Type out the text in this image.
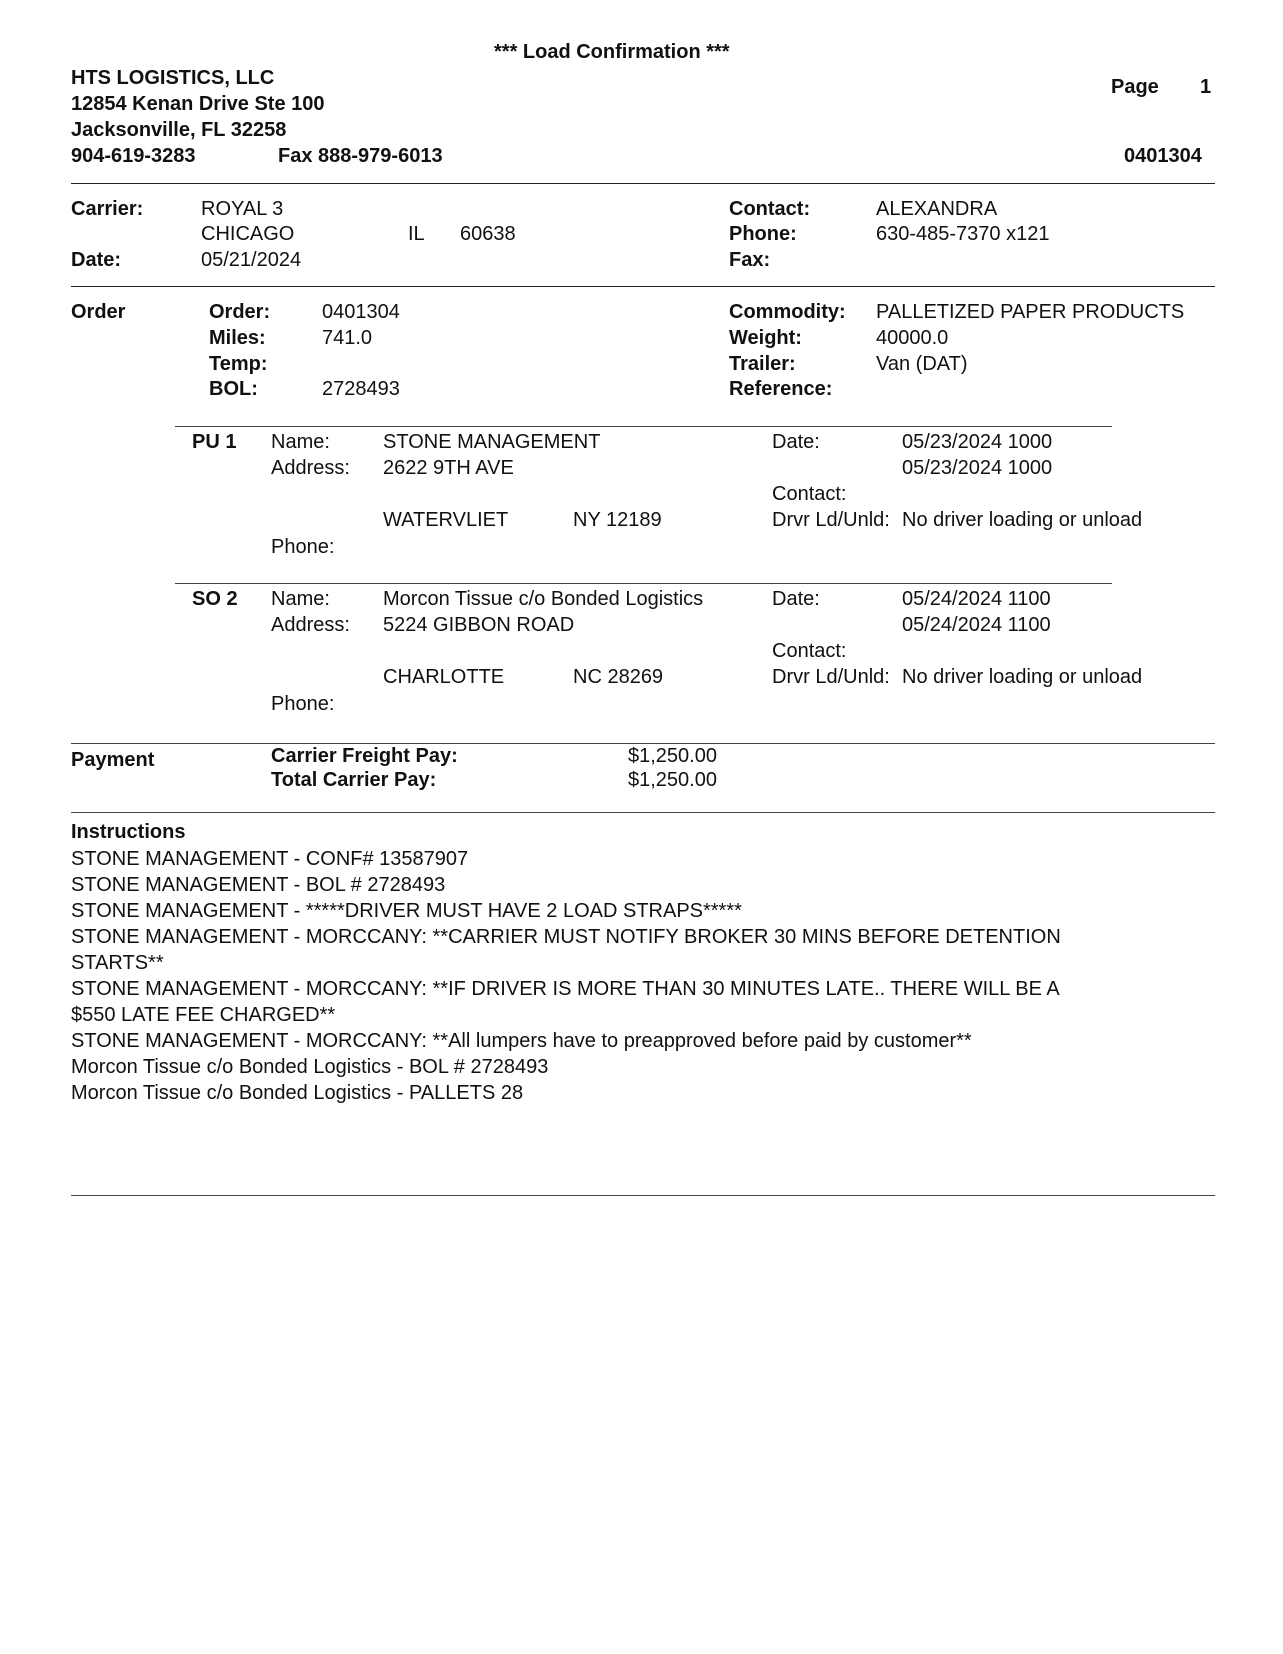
*** Load Confirmation ***
HTS LOGISTICS, LLC
12854 Kenan Drive Ste 100
Jacksonville, FL 32258
904-619-3283	Fax 888-979-6013
Page 1
0401304
Carrier:	ROYAL 3
CHICAGO	IL 60638
Date:	05/21/2024
Contact:	ALEXANDRA
Phone:	630-485-7370 x121
Fax:
Order	Order:	0401304
Miles:	741.0
Temp:
BOL:	2728493
Commodity: PALLETIZED PAPER PRODUCTS
Weight:	40000.0
Trailer:	Van (DAT)
Reference:
PU 1 Name:	STONE MANAGEMENT
Address: 2622 9TH AVE
WATERVLIET	NY 12189
Phone:
Date:	05/23/2024 1000
05/23/2024 1000
Contact:
Drvr Ld/Unld: No driver loading or unload
SO 2 Name:	Morcon Tissue c/o Bonded Logistics
Address: 5224 GIBBON ROAD
CHARLOTTE	NC 28269
Phone:
Date:	05/24/2024 1100
05/24/2024 1100
Contact:
Drvr Ld/Unld: No driver loading or unload
Payment	Carrier Freight Pay:	$1,250.00
Total Carrier Pay:	$1,250.00
Instructions
STONE MANAGEMENT - CONF# 13587907
STONE MANAGEMENT - BOL # 2728493
STONE MANAGEMENT - *****DRIVER MUST HAVE 2 LOAD STRAPS*****
STONE MANAGEMENT - MORCCANY: **CARRIER MUST NOTIFY BROKER 30 MINS BEFORE DETENTION
STARTS**
STONE MANAGEMENT - MORCCANY: **IF DRIVER IS MORE THAN 30 MINUTES LATE.. THERE WILL BE A
$550 LATE FEE CHARGED**
STONE MANAGEMENT - MORCCANY: **All lumpers have to preapproved before paid by customer**
Morcon Tissue c/o Bonded Logistics - BOL # 2728493
Morcon Tissue c/o Bonded Logistics - PALLETS 28
